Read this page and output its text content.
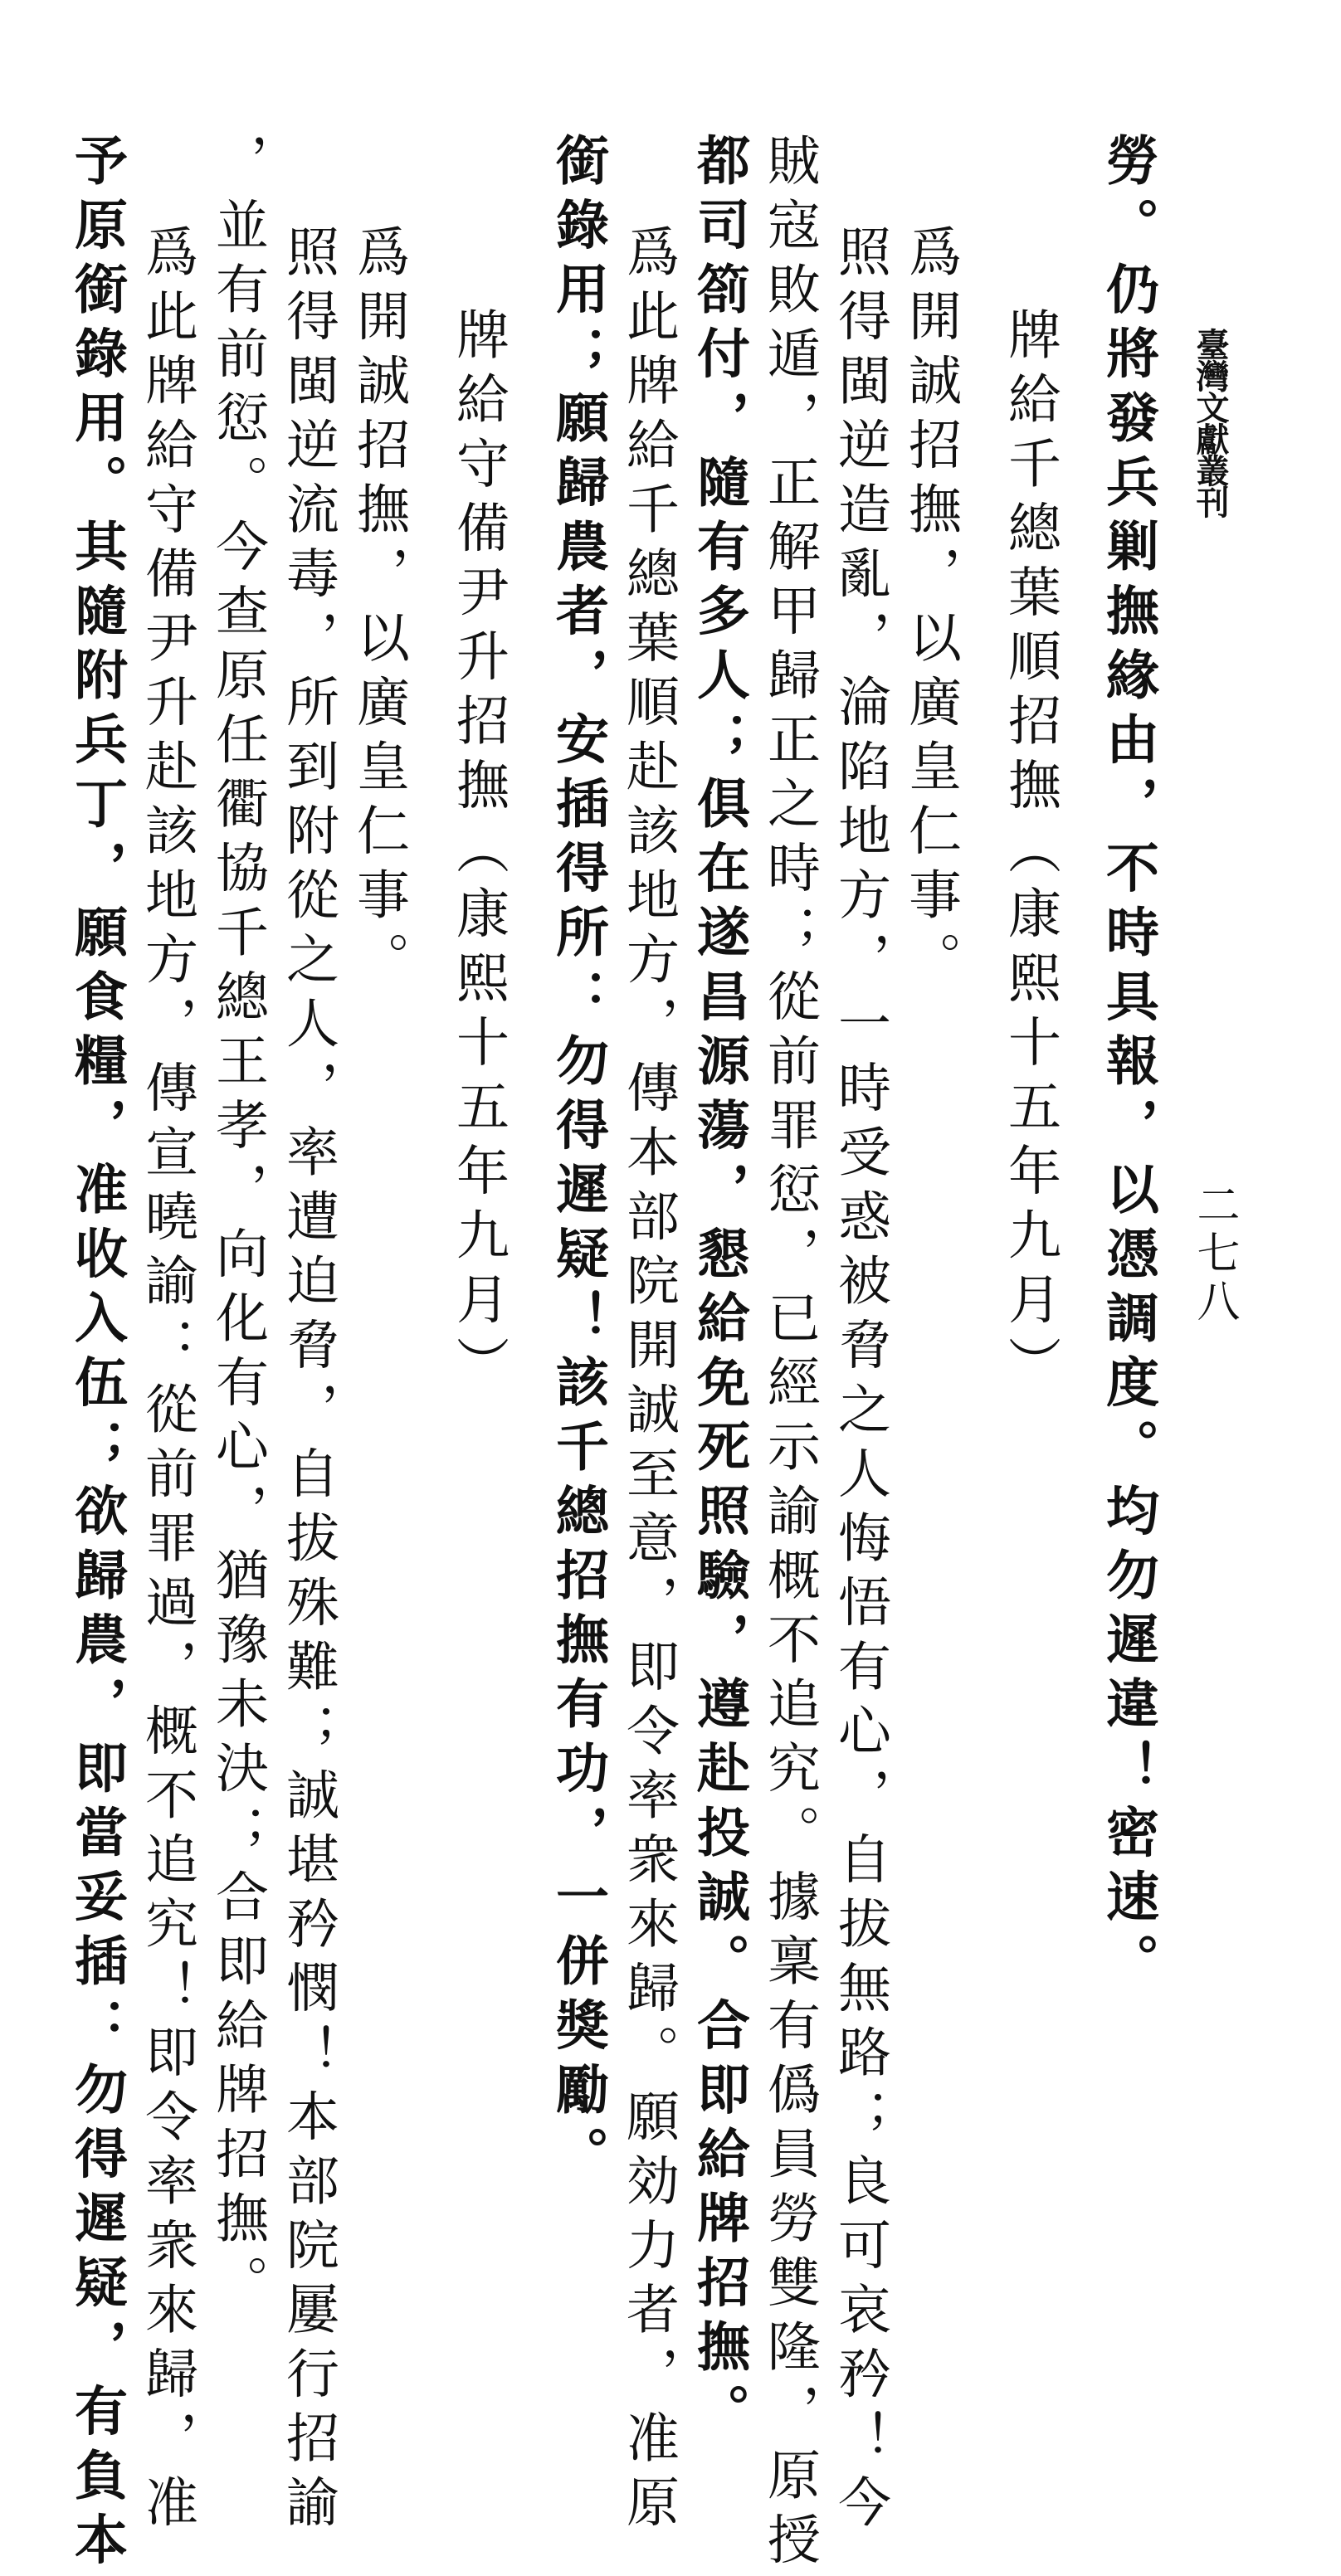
臺灣文獻叢刊
二七八
勞。仍將發兵剿撫緣由，不時具報，以憑調度。均勿遲違！密速。
牌給千總葉順招撫（康熙十五年九月）
爲開誠招撫，以廣皇仁事。
照得閩逆造亂，淪陷地方，一時受惑被脅之人悔悟有心，自拔無路；良可哀矜！今
賊寇敗遁，正解甲歸正之時；從前罪愆，已經示諭概不追究。據稟有僞員勞雙隆，原授
都司箚付，隨有多人；俱在遂昌源蕩，懇給免死照驗，遵赴投誠。合即給牌招撫。
爲此牌給千總葉順赴該地方，傳本部院開誠至意，即令率衆來歸。願効力者，准原
銜錄用；願歸農者，安插得所：勿得遲疑！該千總招撫有功，一併獎勵。
牌給守備尹升招撫（康熙十五年九月）
爲開誠招撫，以廣皇仁事。
照得閩逆流毒，所到附從之人，率遭迫脅，自拔殊難；誠堪矜憫！本部院屢行招諭
，並有前愆。今查原任衢協千總王孝，向化有心，猶豫未決；合即給牌招撫。
爲此牌給守備尹升赴該地方，傳宣曉諭：從前罪過，概不追究！即令率衆來歸，准
予原銜錄用。其隨附兵丁，願食糧，准收入伍；欲歸農，即當妥插：勿得遲疑，有負本
